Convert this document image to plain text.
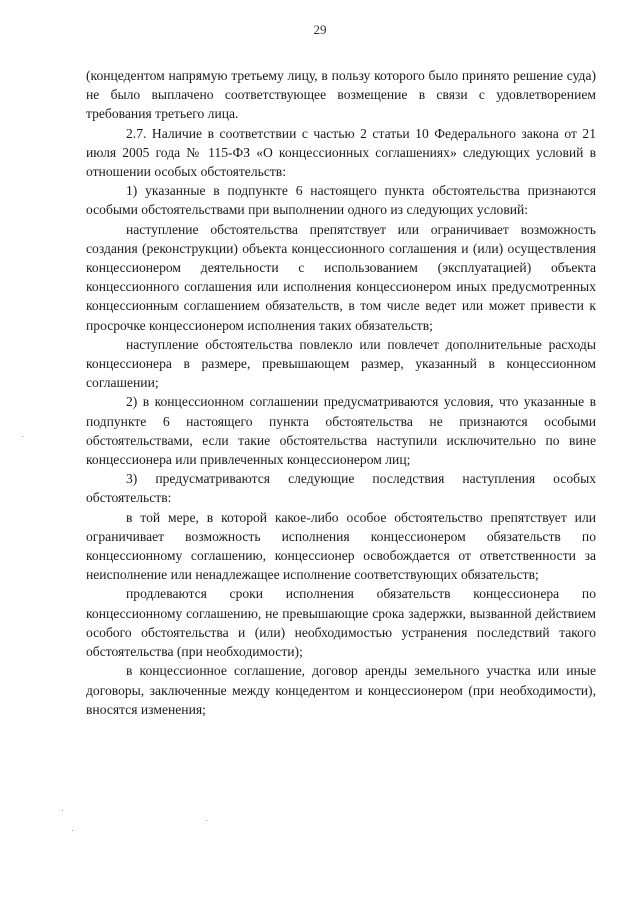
29

(концедентом напрямую третьему лицу, в пользу которого было принято решение суда) не было выплачено соответствующее возмещение в связи с удовлетворением требования третьего лица.

2.7. Наличие в соответствии с частью 2 статьи 10 Федерального закона от 21 июля 2005 года № 115-ФЗ «О концессионных соглашениях» следующих условий в отношении особых обстоятельств:

1) указанные в подпункте 6 настоящего пункта обстоятельства признаются особыми обстоятельствами при выполнении одного из следующих условий:

наступление обстоятельства препятствует или ограничивает возможность создания (реконструкции) объекта концессионного соглашения и (или) осуществления концессионером деятельности с использованием (эксплуатацией) объекта концессионного соглашения или исполнения концессионером иных предусмотренных концессионным соглашением обязательств, в том числе ведет или может привести к просрочке концессионером исполнения таких обязательств;

наступление обстоятельства повлекло или повлечет дополнительные расходы концессионера в размере, превышающем размер, указанный в концессионном соглашении;

2) в концессионном соглашении предусматриваются условия, что указанные в подпункте 6 настоящего пункта обстоятельства не признаются особыми обстоятельствами, если такие обстоятельства наступили исключительно по вине концессионера или привлеченных концессионером лиц;

3) предусматриваются следующие последствия наступления особых обстоятельств:

в той мере, в которой какое-либо особое обстоятельство препятствует или ограничивает возможность исполнения концессионером обязательств по концессионному соглашению, концессионер освобождается от ответственности за неисполнение или ненадлежащее исполнение соответствующих обязательств;

продлеваются сроки исполнения обязательств концессионера по концессионному соглашению, не превышающие срока задержки, вызванной действием особого обстоятельства и (или) необходимостью устранения последствий такого обстоятельства (при необходимости);

в концессионное соглашение, договор аренды земельного участка или иные договоры, заключенные между концедентом и концессионером (при необходимости), вносятся изменения;
